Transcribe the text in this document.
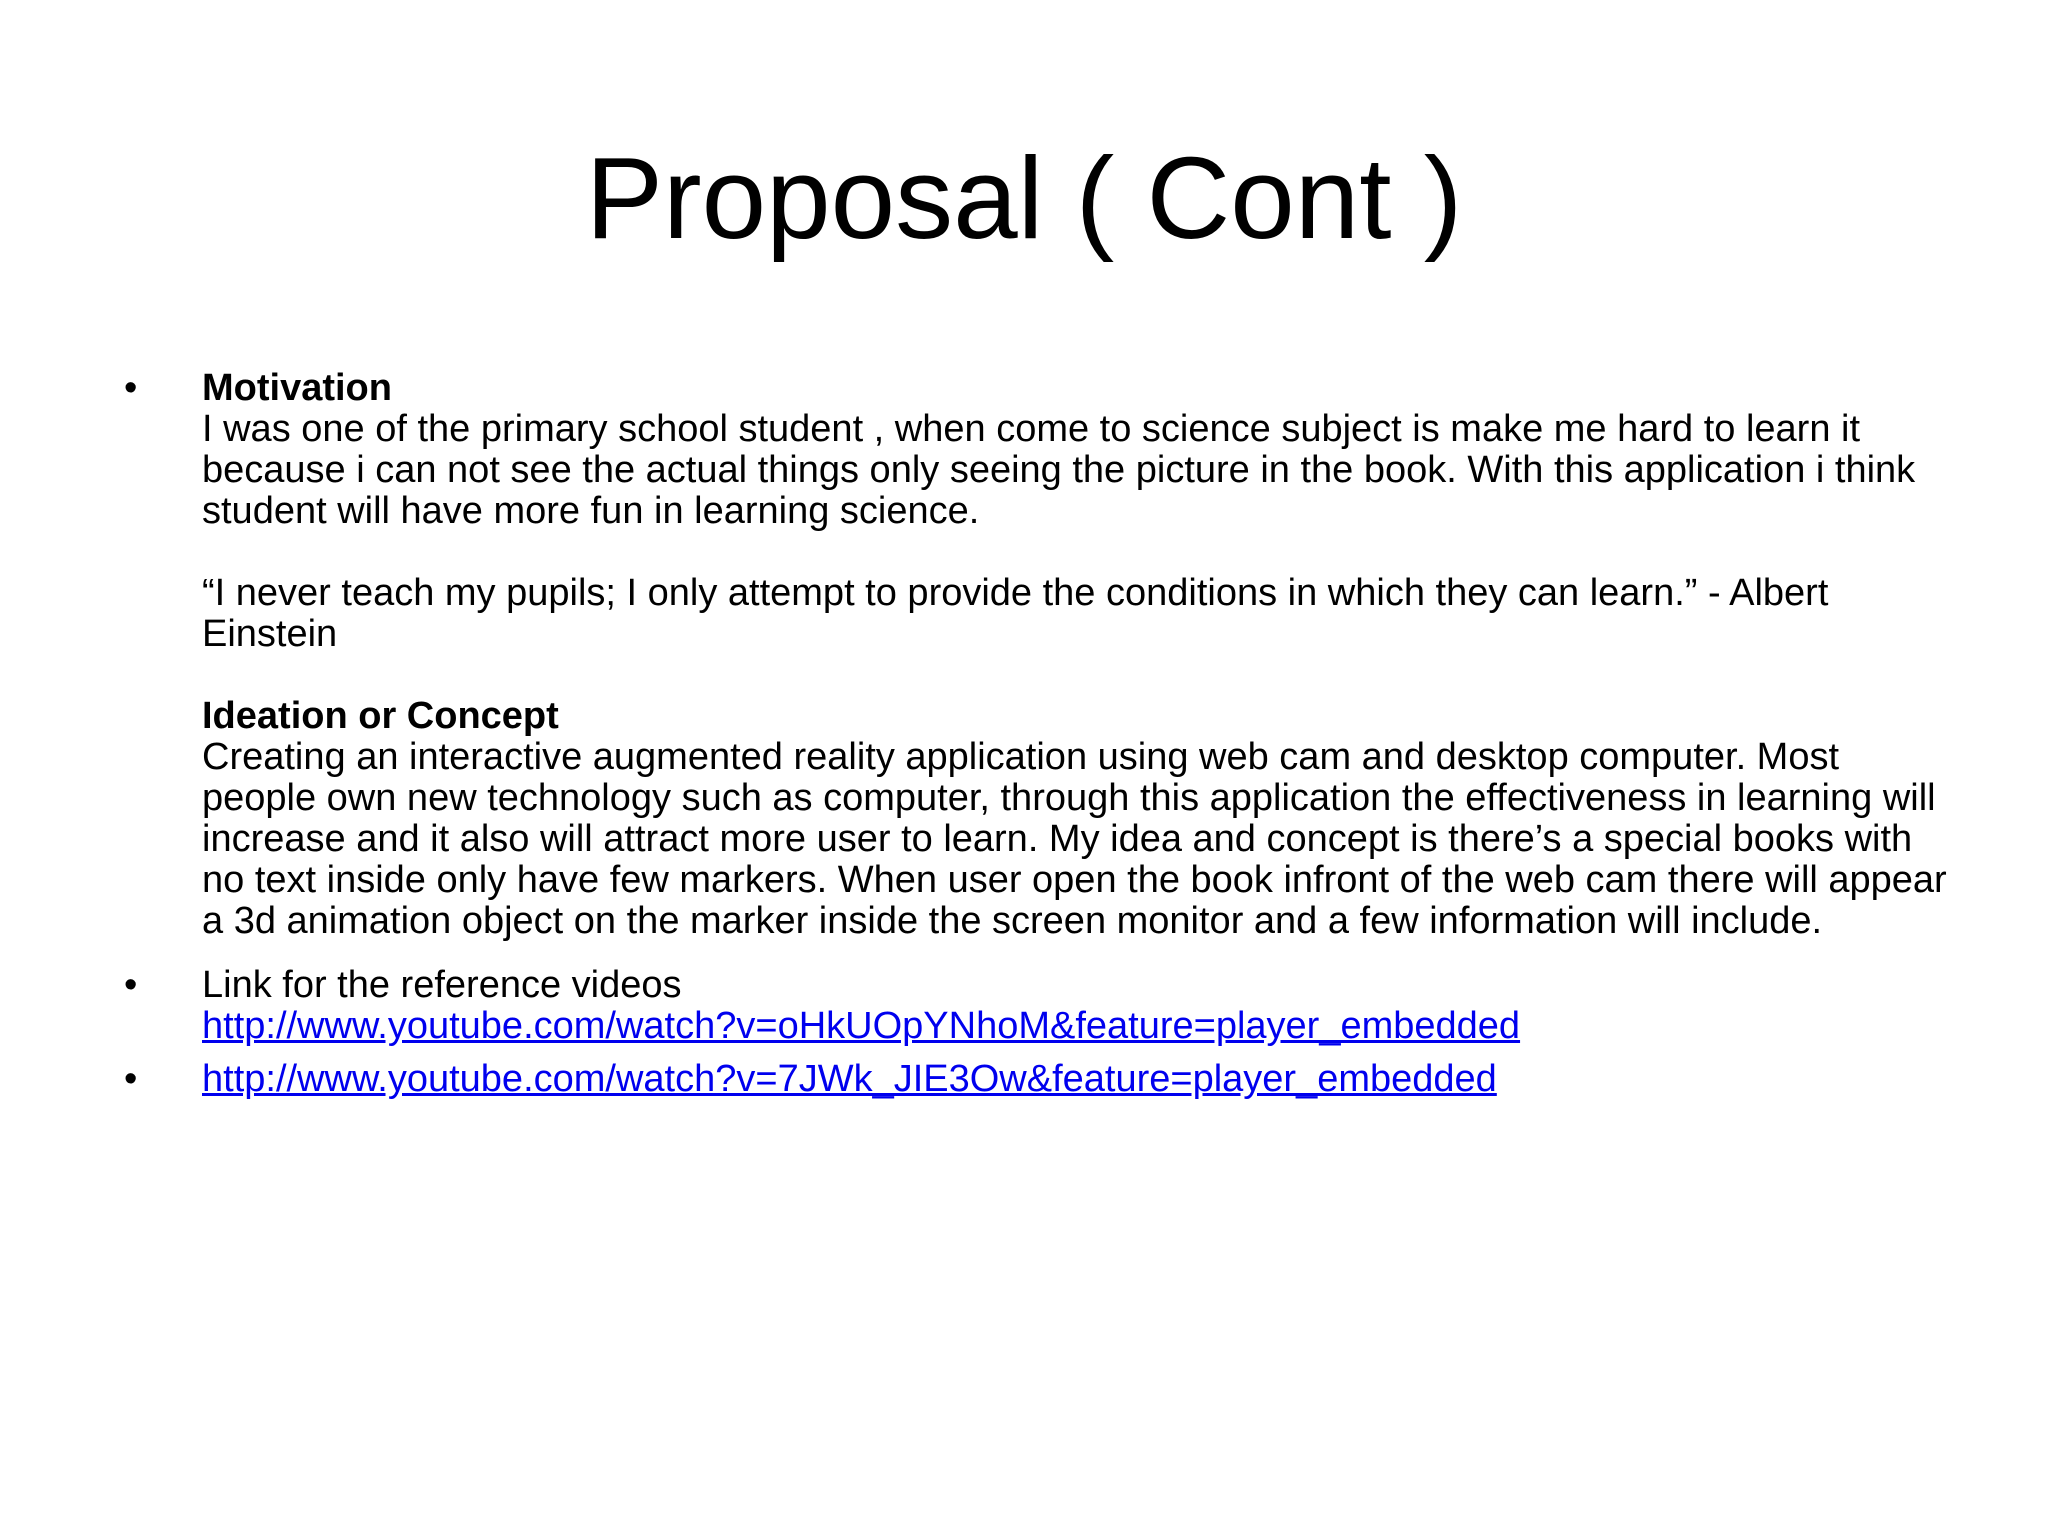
Proposal ( Cont )
•	Motivation

I was one of the primary school student , when come to science subject is make me hard to learn it because i can not see the actual things only seeing the picture in the book. With this application i think student will have more fun in learning science.

“I never teach my pupils; I only attempt to provide the conditions in which they can learn.” - Albert Einstein

Ideation or Concept

Creating an interactive augmented reality application using web cam and desktop computer. Most people own new technology such as computer, through this application the effectiveness in learning will increase and it also will attract more user to learn. My idea and concept is there’s a special books with no text inside only have few markers. When user open the book infront of the web cam there will appear a 3d animation object on the marker inside the screen monitor and a few information will include.

•	Link for the reference videos

http://www.youtube.com/watch?v=oHkUOpYNhoM&feature=player_embedded

•	http://www.youtube.com/watch?v=7JWk_JIE3Ow&feature=player_embedded
